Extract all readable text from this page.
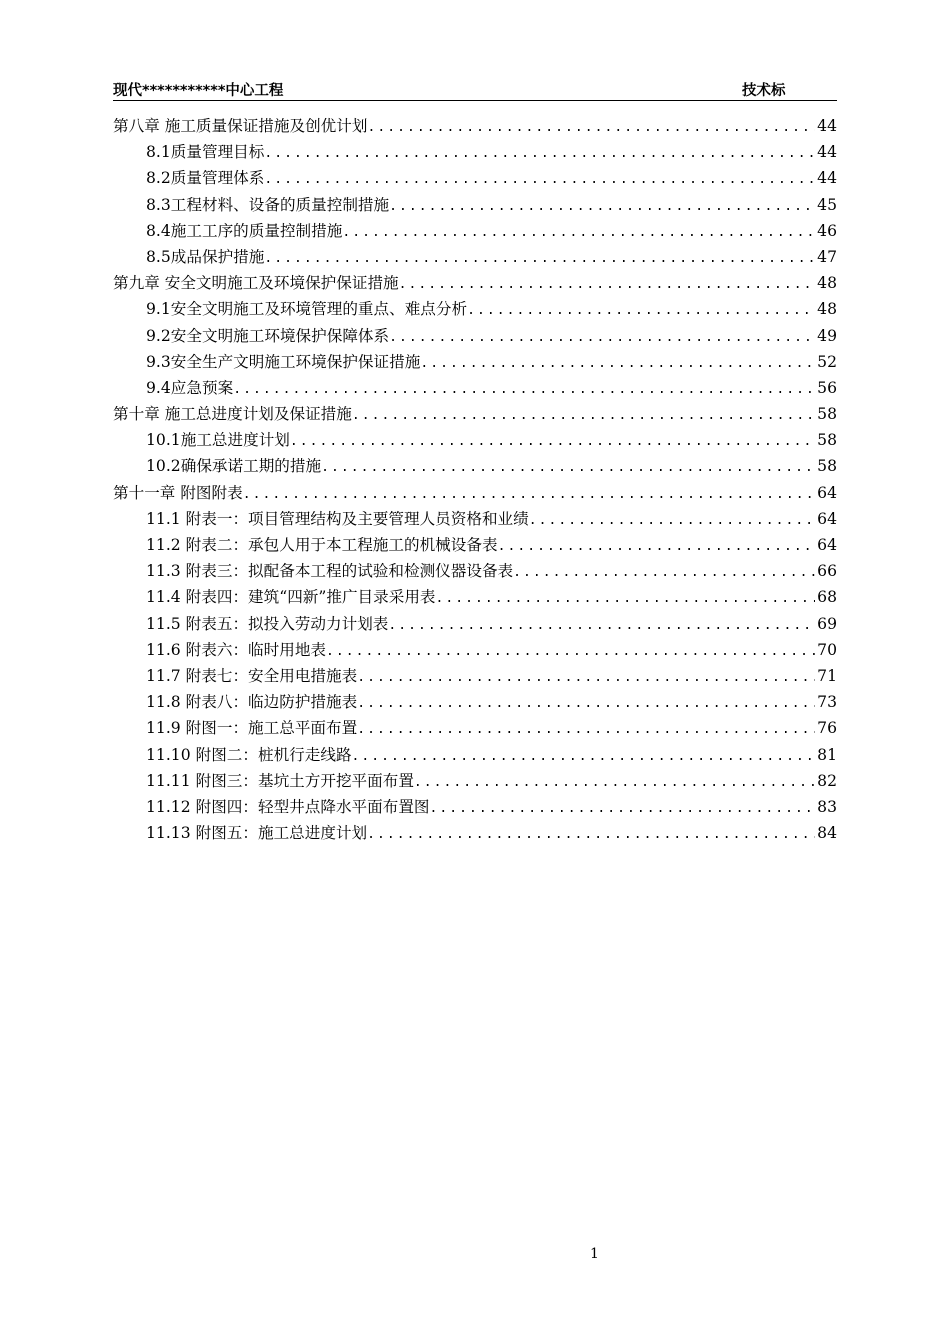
现代***********中心工程	技术标
第八章 施工质量保证措施及创优计划 .....	44
8.1质量管理目标 .....	44
8.2质量管理体系 .....	44
8.3工程材料、设备的质量控制措施 .....	45
8.4施工工序的质量控制措施 .....	46
8.5成品保护措施 .....	47
第九章 安全文明施工及环境保护保证措施 .....	48
9.1安全文明施工及环境管理的重点、难点分析 .....	48
9.2安全文明施工环境保护保障体系 .....	49
9.3安全生产文明施工环境保护保证措施 .....	52
9.4应急预案 .....	56
第十章 施工总进度计划及保证措施 .....	58
10.1施工总进度计划 .....	58
10.2确保承诺工期的措施 .....	58
第十一章 附图附表 .....	64
11.1 附表一：项目管理结构及主要管理人员资格和业绩 .....	64
11.2 附表二：承包人用于本工程施工的机械设备表 .....	64
11.3 附表三：拟配备本工程的试验和检测仪器设备表 .....	66
11.4 附表四：建筑“四新”推广目录采用表 .....	68
11.5 附表五：拟投入劳动力计划表 .....	69
11.6 附表六：临时用地表 .....	70
11.7 附表七：安全用电措施表 .....	71
11.8 附表八：临边防护措施表 .....	73
11.9 附图一：施工总平面布置 .....	76
11.10 附图二：桩机行走线路 .....	81
11.11 附图三：基坑土方开挖平面布置 .....	82
11.12 附图四：轻型井点降水平面布置图 .....	83
11.13 附图五：施工总进度计划 .....	84
1
